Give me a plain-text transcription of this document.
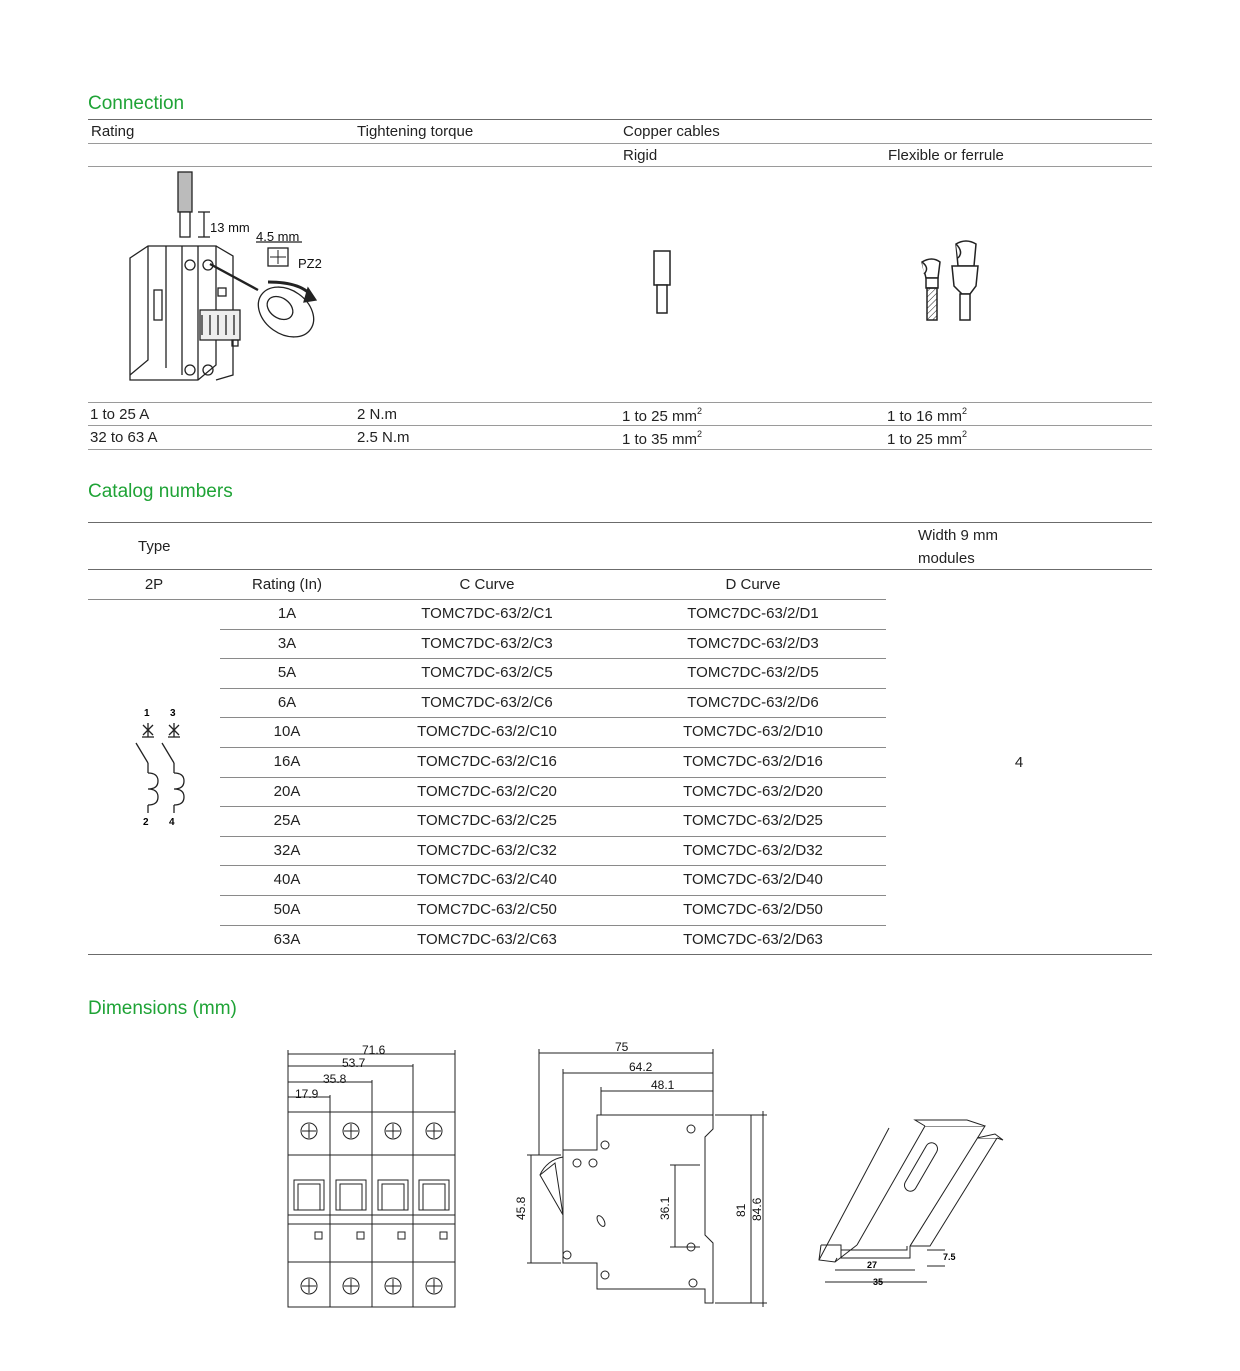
Connection
Rating	Tightening torque	Copper cables
Rigid	Flexible or ferrule
13 mm
4.5 mm
PZ2
1 to 25 A	2 N.m	1 to 25 $mm^2$	1 to 16 $mm^2$
32 to 63 A	2.5 N.m	1 to 35 $mm^2$	1 to 25 $mm^2$
Catalog numbers
Type
Width 9 mm
modules
2P	Rating (In)	C Curve	D Curve
1A	TOMC7DC-63/2/C1	TOMC7DC-63/2/D1
3A	TOMC7DC-63/2/C3	TOMC7DC-63/2/D3
5A	TOMC7DC-63/2/C5	TOMC7DC-63/2/D5
6A	TOMC7DC-63/2/C6	TOMC7DC-63/2/D6
10A	TOMC7DC-63/2/C10	TOMC7DC-63/2/D10
16A	TOMC7DC-63/2/C16	TOMC7DC-63/2/D16
20A	TOMC7DC-63/2/C20	TOMC7DC-63/2/D20
25A	TOMC7DC-63/2/C25	TOMC7DC-63/2/D25
32A	TOMC7DC-63/2/C32	TOMC7DC-63/2/D32
40A	TOMC7DC-63/2/C40	TOMC7DC-63/2/D40
50A	TOMC7DC-63/2/C50	TOMC7DC-63/2/D50
63A	TOMC7DC-63/2/C63	TOMC7DC-63/2/D63
1 3
2 4
4
Dimensions (mm)
71.6
53.7
35.8
17.9
75
64.2
48.1
45.8	36.1	81 84.6
27
35
7.5
